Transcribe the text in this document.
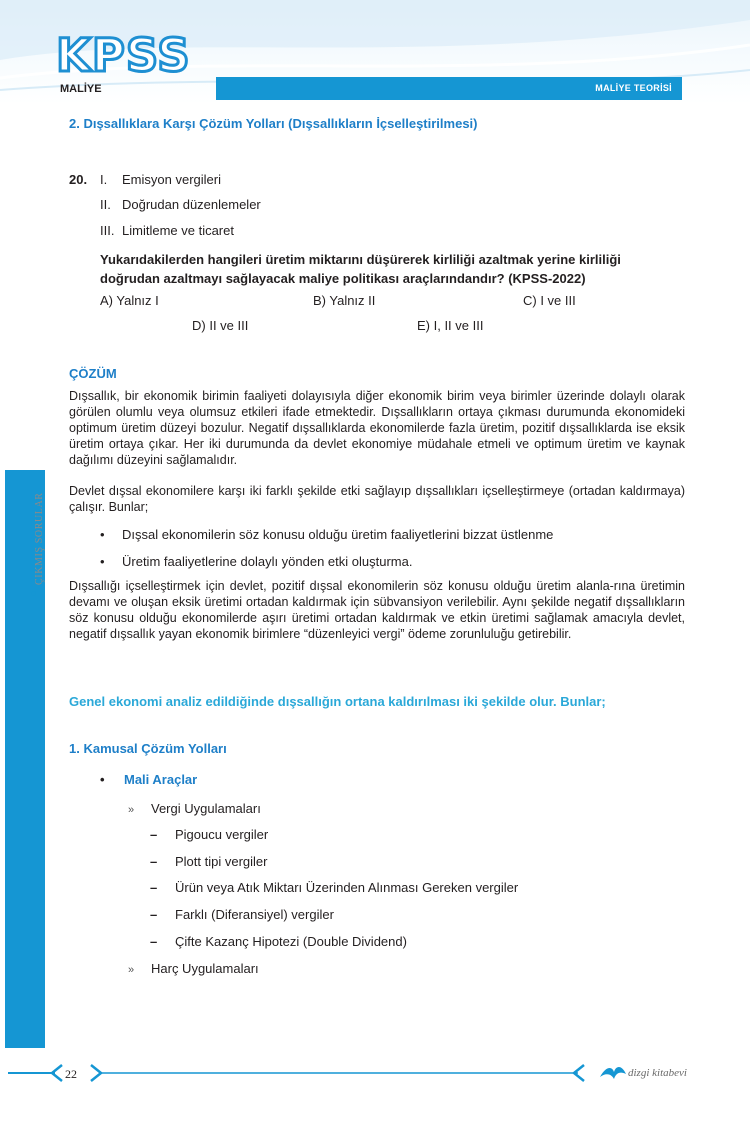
KPSS
MALİYE	MALİYE TEORİSİ
2. Dışsallıklara Karşı Çözüm Yolları (Dışsallıkların İçselleştirilmesi)
20. I. Emisyon vergileri
II. Doğrudan düzenlemeler
III. Limitleme ve ticaret
Yukarıdakilerden hangileri üretim miktarını düşürerek kirliliği azaltmak yerine kirliliği
doğrudan azaltmayı sağlayacak maliye politikası araçlarındandır? (KPSS-2022)
A) Yalnız I	B) Yalnız II	C) I ve III
D) II ve III	E) I, II ve III
ÇÖZÜM
Dışsallık, bir ekonomik birimin faaliyeti dolayısıyla diğer ekonomik birim veya birimler üzerinde dolaylı olarak görülen olumlu veya olumsuz etkileri ifade etmektedir. Dışsallıkların ortaya çıkması durumunda ekonomideki optimum üretim düzeyi bozulur. Negatif dışsallıklarda ekonomilerde fazla üretim, pozitif dışsallıklarda ise eksik üretim ortaya çıkar. Her iki durumunda da devlet ekonomiye müdahale etmeli ve optimum üretim ve kaynak dağılımı düzeyini sağlamalıdır.
Devlet dışsal ekonomilere karşı iki farklı şekilde etki sağlayıp dışsallıkları içselleştirmeye (ortadan kaldırmaya) çalışır. Bunlar;
• Dışsal ekonomilerin söz konusu olduğu üretim faaliyetlerini bizzat üstlenme
• Üretim faaliyetlerine dolaylı yönden etki oluşturma.
Dışsallığı içselleştirmek için devlet, pozitif dışsal ekonomilerin söz konusu olduğu üretim alanla-rına üretimin devamı ve oluşan eksik üretimi ortadan kaldırmak için sübvansiyon verilebilir. Aynı şekilde negatif dışsallıkların söz konusu olduğu ekonomilerde aşırı üretimi ortadan kaldırmak ve etkin üretimi sağlamak amacıyla devlet, negatif dışsallık yayan ekonomik birimlere “düzenleyici vergi” ödeme zorunluluğu getirebilir.
Genel ekonomi analiz edildiğinde dışsallığın ortana kaldırılması iki şekilde olur. Bunlar;
1. Kamusal Çözüm Yolları
• Mali Araçlar
» Vergi Uygulamaları
– Pigoucu vergiler
– Plott tipi vergiler
– Ürün veya Atık Miktarı Üzerinden Alınması Gereken vergiler
– Farklı (Diferansiyel) vergiler
– Çifte Kazanç Hipotezi (Double Dividend)
» Harç Uygulamaları
ÇIKMIŞ SORULAR
22	dizgi kitabevi
